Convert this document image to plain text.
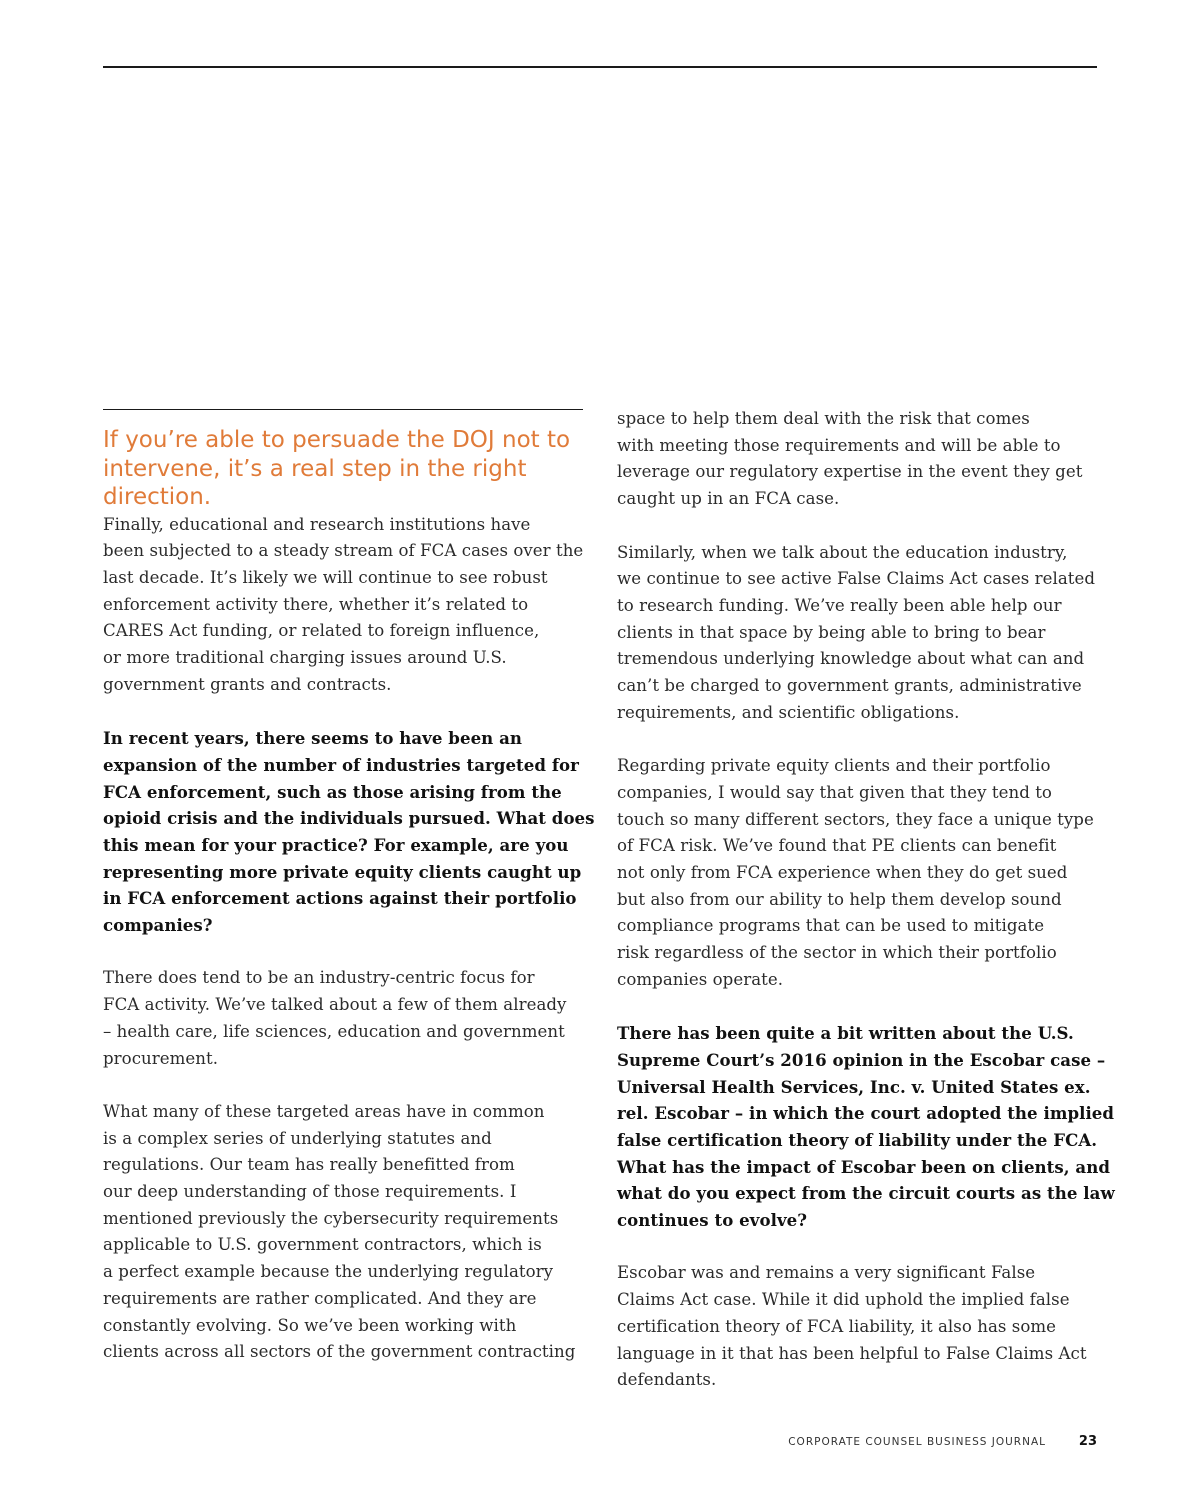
If you’re able to persuade the DOJ not to intervene, it’s a real step in the right direction.

Finally, educational and research institutions have
been subjected to a steady stream of FCA cases over the
last decade. It’s likely we will continue to see robust
enforcement activity there, whether it’s related to
CARES Act funding, or related to foreign influence,
or more traditional charging issues around U.S.
government grants and contracts.

In recent years, there seems to have been an
expansion of the number of industries targeted for
FCA enforcement, such as those arising from the
opioid crisis and the individuals pursued. What does
this mean for your practice? For example, are you
representing more private equity clients caught up
in FCA enforcement actions against their portfolio
companies?

There does tend to be an industry-centric focus for
FCA activity. We’ve talked about a few of them already
– health care, life sciences, education and government
procurement.

What many of these targeted areas have in common
is a complex series of underlying statutes and
regulations. Our team has really benefitted from
our deep understanding of those requirements. I
mentioned previously the cybersecurity requirements
applicable to U.S. government contractors, which is
a perfect example because the underlying regulatory
requirements are rather complicated. And they are
constantly evolving. So we’ve been working with
clients across all sectors of the government contracting

space to help them deal with the risk that comes
with meeting those requirements and will be able to
leverage our regulatory expertise in the event they get
caught up in an FCA case.

Similarly, when we talk about the education industry,
we continue to see active False Claims Act cases related
to research funding. We’ve really been able help our
clients in that space by being able to bring to bear
tremendous underlying knowledge about what can and
can’t be charged to government grants, administrative
requirements, and scientific obligations.

Regarding private equity clients and their portfolio
companies, I would say that given that they tend to
touch so many different sectors, they face a unique type
of FCA risk. We’ve found that PE clients can benefit
not only from FCA experience when they do get sued
but also from our ability to help them develop sound
compliance programs that can be used to mitigate
risk regardless of the sector in which their portfolio
companies operate.

There has been quite a bit written about the U.S.
Supreme Court’s 2016 opinion in the Escobar case –
Universal Health Services, Inc. v. United States ex.
rel. Escobar – in which the court adopted the implied
false certification theory of liability under the FCA.
What has the impact of Escobar been on clients, and
what do you expect from the circuit courts as the law
continues to evolve?

Escobar was and remains a very significant False
Claims Act case. While it did uphold the implied false
certification theory of FCA liability, it also has some
language in it that has been helpful to False Claims Act
defendants.

CORPORATE COUNSEL BUSINESS JOURNAL	23
